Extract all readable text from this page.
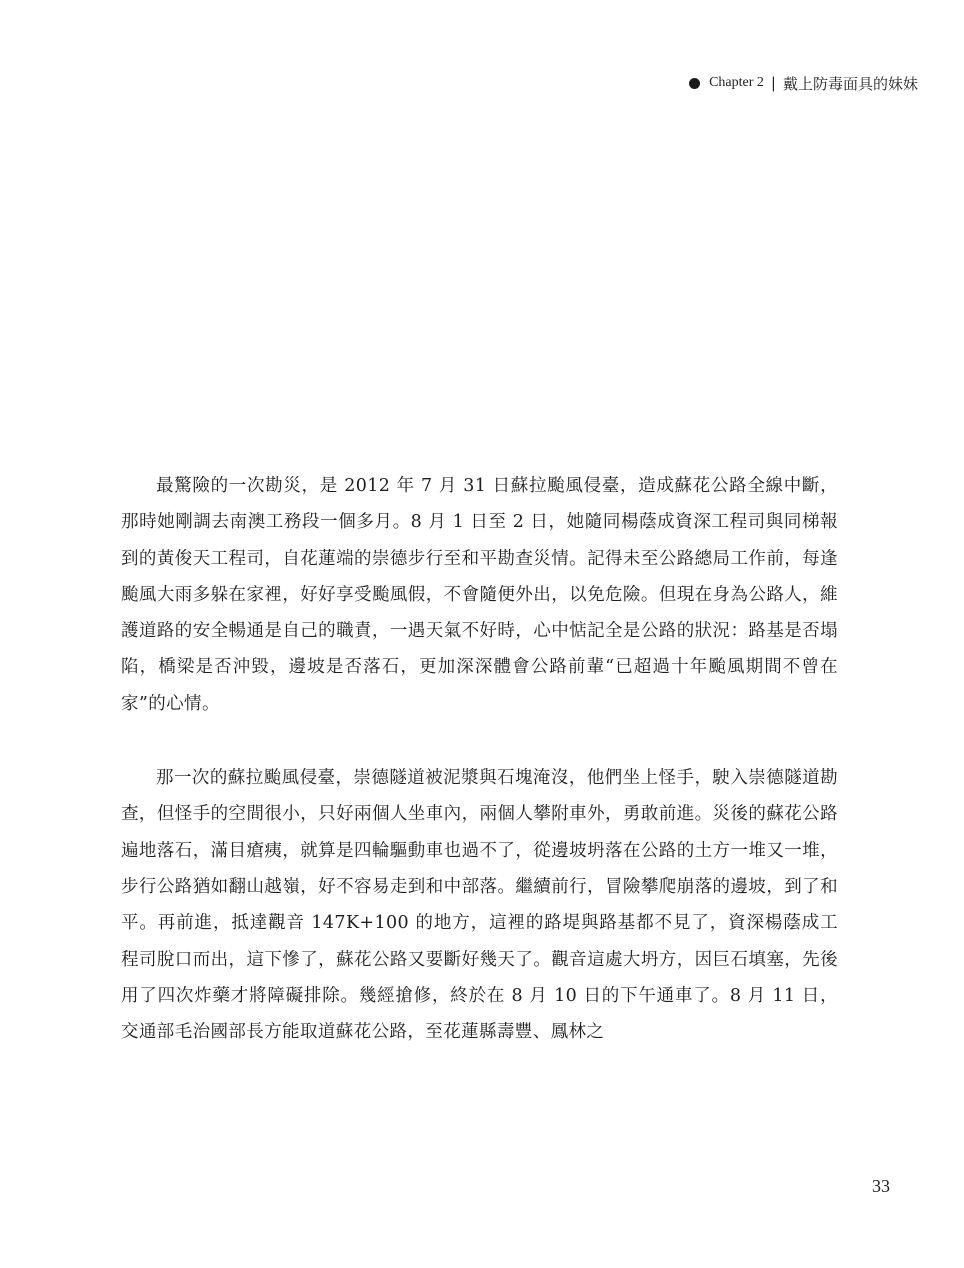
Chapter 2 | 戴上防毒面具的妹妹

最驚險的一次勘災，是 2012 年 7 月 31 日蘇拉颱風侵臺，造成蘇花公路全線中斷，那時她剛調去南澳工務段一個多月。8 月 1 日至 2 日，她隨同楊蔭成資深工程司與同梯報到的黃俊天工程司，自花蓮端的崇德步行至和平勘查災情。記得未至公路總局工作前，每逢颱風大雨多躲在家裡，好好享受颱風假，不會隨便外出，以免危險。但現在身為公路人，維護道路的安全暢通是自己的職責，一遇天氣不好時，心中惦記全是公路的狀況：路基是否塌陷，橋梁是否沖毀，邊坡是否落石，更加深深體會公路前輩“已超過十年颱風期間不曾在家”的心情。

那一次的蘇拉颱風侵臺，崇德隧道被泥漿與石塊淹沒，他們坐上怪手，駛入崇德隧道勘查，但怪手的空間很小，只好兩個人坐車內，兩個人攀附車外，勇敢前進。災後的蘇花公路遍地落石，滿目瘡痍，就算是四輪驅動車也過不了，從邊坡坍落在公路的土方一堆又一堆，步行公路猶如翻山越嶺，好不容易走到和中部落。繼續前行，冒險攀爬崩落的邊坡，到了和平。再前進，抵達觀音 147K+100 的地方，這裡的路堤與路基都不見了，資深楊蔭成工程司脫口而出，這下慘了，蘇花公路又要斷好幾天了。觀音這處大坍方，因巨石填塞，先後用了四次炸藥才將障礙排除。幾經搶修，終於在 8 月 10 日的下午通車了。8 月 11 日，交通部毛治國部長方能取道蘇花公路，至花蓮縣壽豐、鳳林之

33
